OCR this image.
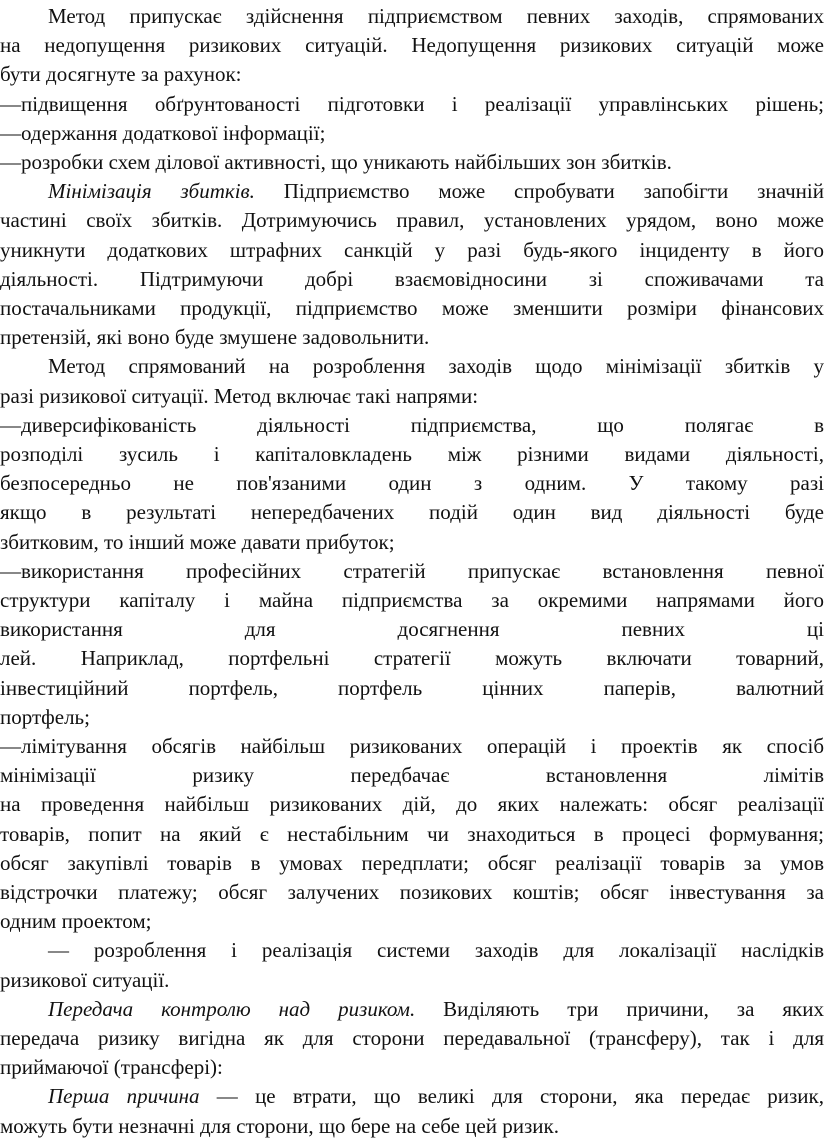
Метод припускає здійснення підприємством певних заходів, спрямованих
на недопущення ризикових ситуацій. Недопущення ризикових ситуацій може
бути досягнуте за рахунок:
—підвищення обґрунтованості підготовки і реалізації управлінських рішень;
—одержання додаткової інформації;
—розробки схем ділової активності, що уникають найбільших зон збитків.
Мінімізація збитків. Підприємство може спробувати запобігти значній
частині своїх збитків. Дотримуючись правил, установлених урядом, воно може
уникнути додаткових штрафних санкцій у разі будь-якого інциденту в його
діяльності. Підтримуючи добрі взаємовідносини зі споживачами та
постачальниками продукції, підприємство може зменшити розміри фінансових
претензій, які воно буде змушене задовольнити.
Метод спрямований на розроблення заходів щодо мінімізації збитків у
разі ризикової ситуації. Метод включає такі напрями:
—диверсифікованість діяльності підприємства, що полягає в
розподілі зусиль і капіталовкладень між різними видами діяльності,
безпосередньо не пов'язаними один з одним. У такому разі
якщо в результаті непередбачених подій один вид діяльності буде
збитковим, то інший може давати прибуток;
—використання професійних стратегій припускає встановлення певної
структури капіталу і майна підприємства за окремими напрямами його
використання для досягнення певних ці
лей. Наприклад, портфельні стратегії можуть включати товарний,
інвестиційний портфель, портфель цінних паперів, валютний
портфель;
—лімітування обсягів найбільш ризикованих операцій і проектів як спосіб
мінімізації ризику передбачає встановлення лімітів
на проведення найбільш ризикованих дій, до яких належать: обсяг реалізації
товарів, попит на який є нестабільним чи знаходиться в процесі формування;
обсяг закупівлі товарів в умовах передплати; обсяг реалізації товарів за умов
відстрочки платежу; обсяг залучених позикових коштів; обсяг інвестування за
одним проектом;
— розроблення і реалізація системи заходів для локалізації наслідків
ризикової ситуації.
Передача контролю над ризиком. Виділяють три причини, за яких
передача ризику вигідна як для сторони передавальної (трансферу), так і для
приймаючої (трансфері):
Перша причина — це втрати, що великі для сторони, яка передає ризик,
можуть бути незначні для сторони, що бере на себе цей ризик.
